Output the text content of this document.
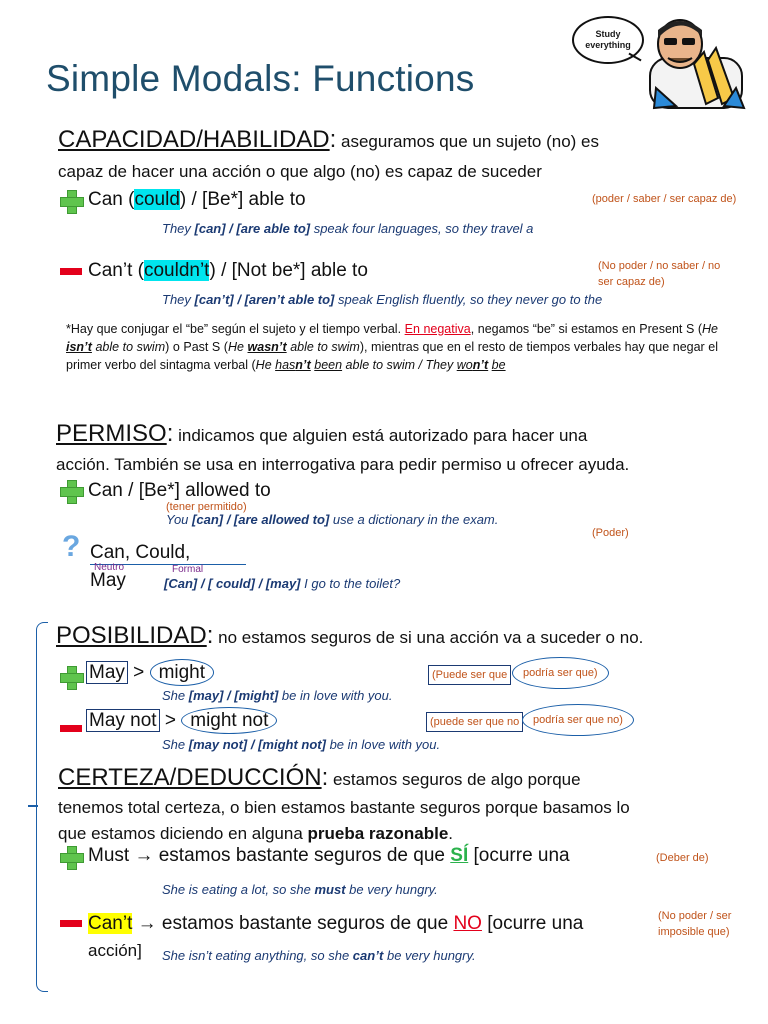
Simple Modals: Functions
Study
everything
CAPACIDAD/HABILIDAD: aseguramos que un sujeto (no) es
capaz de hacer una acción o que algo (no) es capaz de suceder
Can (could) / [Be*] able to	(poder / saber / ser capaz de)
They [can] / [are able to] speak four languages, so they travel a
Can’t (couldn’t) / [Not be*] able to	(No poder / no saber / no ser capaz de)
They [can’t] / [aren’t able to] speak English fluently, so they never go to the
*Hay que conjugar el “be” según el sujeto y el tiempo verbal. En negativa, negamos “be” si estamos en Present S (He isn’t able to swim) o Past S (He wasn’t able to swim), mientras que en el resto de tiempos verbales hay que negar el primer verbo del sintagma verbal (He hasn’t been able to swim / They won’t be
PERMISO: indicamos que alguien está autorizado para hacer una
acción. También se usa en interrogativa para pedir permiso u ofrecer ayuda.
Can / [Be*] allowed to
(tener permitido)
You [can] / [are allowed to] use a dictionary in the exam.
(Poder)
? Can, Could,
Neutro	Formal
May	[Can] / [ could] / [may] I go to the toilet?
POSIBILIDAD: no estamos seguros de si una acción va a suceder o no.
May > might	(Puede ser que	podría ser que)
She [may] / [might] be in love with you.
May not > might not	(puede ser que no	podría ser que no)
She [may not] / [might not] be in love with you.
CERTEZA/DEDUCCIÓN: estamos seguros de algo porque
tenemos total certeza, o bien estamos bastante seguros porque basamos lo
que estamos diciendo en alguna prueba razonable.
Must → estamos bastante seguros de que SÍ [ocurre una	(Deber de)
She is eating a lot, so she must be very hungry.
Can’t → estamos bastante seguros de que NO [ocurre una
acción]
(No poder / ser imposible que)
She isn’t eating anything, so she can’t be very hungry.
